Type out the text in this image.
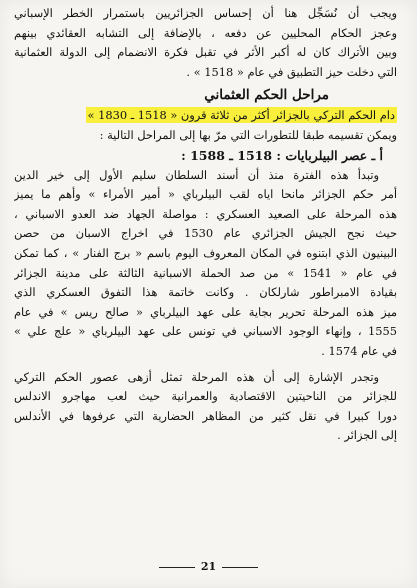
ويجب أن نُسَجِّل هنا أن إحساس الجزائريين باستمرار الخطر الإسباني
وعجز الحكام المحليين عن دفعه ، بالإضافة إلى التشابه العقائدي بينهم
وبين الأتراك كان له أكبر الأثر في تقبل فكرة الانضمام إلى الدولة العثمانية
التي دخلت حيز التطبيق في عام « 1518 » .
مراحل الحكم العثماني
دام الحكم التركي بالجزائر أكثر من ثلاثة قرون « 1518 ـ 1830 »
ويمكن تقسيمه طبقا للتطورات التي مرّ بها إلى المراحل التالية :
أ ـ عصر البيلربايات : 1518 ـ 1588 :
وتبدأ هذه الفترة منذ أن أسند السلطان سليم الأول إلى خير الدين
أمر حكم الجزائر مانحا اياه لقب البيلرباي « أمير الأمراء » وأهم ما يميز
هذه المرحلة على الصعيد العسكري : مواصلة الجهاد ضد العدو الاسباني ،
حيث نجح الجيش الجزائري عام 1530 في اخراج الاسبان من حصن
البينيون الذي ابتنوه في المكان المعروف اليوم باسم « برج الفنار » ، كما تمكن
في عام « 1541 » من صد الحملة الاسبانية الثالثة على مدينة الجزائر
بقيادة الامبراطور شارلكان . وكانت خاتمة هذا التفوق العسكري الذي
ميز هذه المرحلة تحرير بجاية على عهد البيلرباي « صالح ريس » في عام
1555 ، وإنهاء الوجود الاسباني في تونس على عهد البيلرباي « علج علي »
في عام 1574 .
وتجدر الإشارة إلى أن هذه المرحلة تمثل أزهى عصور الحكم التركي
للجزائر من الناحيتين الاقتصادية والعمرانية حيث لعب مهاجرو الاندلس
دورا كبيرا في نقل كثير من المظاهر الحضارية التي عرفوها في الأندلس
إلى الجزائر .
21
